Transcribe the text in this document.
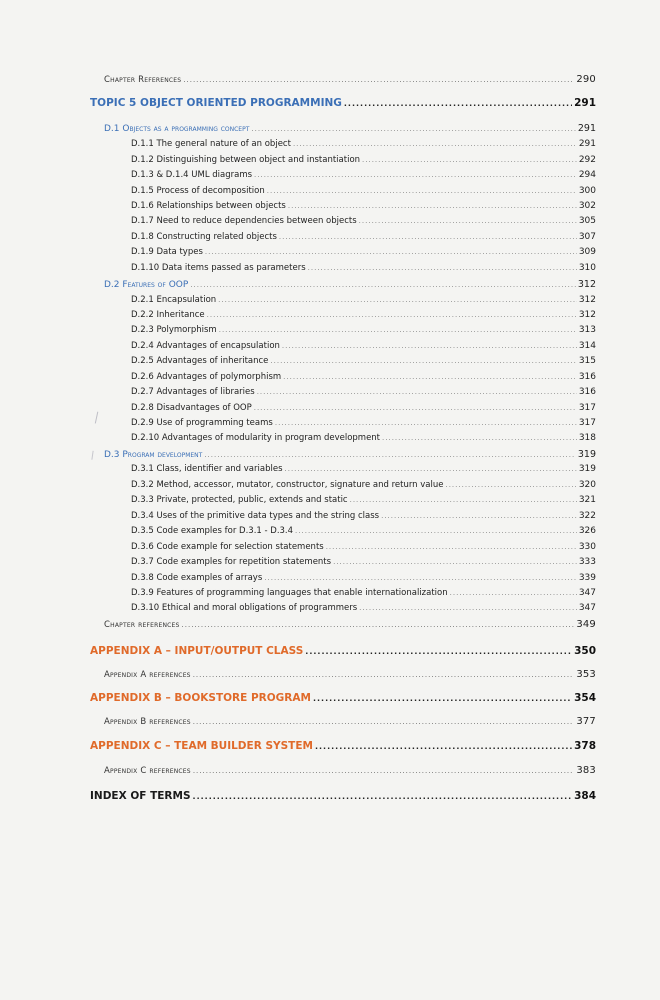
Chapter References .....	290
TOPIC 5 OBJECT ORIENTED PROGRAMMING .....	291
D.1 Objects as a programming concept .....	291
D.1.1 The general nature of an object .....	291
D.1.2 Distinguishing between object and instantiation .....	292
D.1.3 & D.1.4 UML diagrams .....	294
D.1.5 Process of decomposition .....	300
D.1.6 Relationships between objects .....	302
D.1.7 Need to reduce dependencies between objects .....	305
D.1.8 Constructing related objects .....	307
D.1.9 Data types .....	309
D.1.10 Data items passed as parameters .....	310
D.2 Features of OOP .....	312
D.2.1 Encapsulation .....	312
D.2.2 Inheritance .....	312
D.2.3 Polymorphism .....	313
D.2.4 Advantages of encapsulation .....	314
D.2.5 Advantages of inheritance .....	315
D.2.6 Advantages of polymorphism .....	316
D.2.7 Advantages of libraries .....	316
D.2.8 Disadvantages of OOP .....	317
D.2.9 Use of programming teams .....	317
D.2.10 Advantages of modularity in program development .....	318
D.3 Program development .....	319
D.3.1 Class, identifier and variables .....	319
D.3.2 Method, accessor, mutator, constructor, signature and return value .....	320
D.3.3 Private, protected, public, extends and static .....	321
D.3.4 Uses of the primitive data types and the string class .....	322
D.3.5 Code examples for D.3.1 - D.3.4 .....	326
D.3.6 Code example for selection statements .....	330
D.3.7 Code examples for repetition statements .....	333
D.3.8 Code examples of arrays .....	339
D.3.9 Features of programming languages that enable internationalization .....	347
D.3.10 Ethical and moral obligations of programmers .....	347
Chapter references .....	349
APPENDIX A – INPUT/OUTPUT CLASS .....	350
Appendix A references .....	353
APPENDIX B – BOOKSTORE PROGRAM .....	354
Appendix B references .....	377
APPENDIX C – TEAM BUILDER SYSTEM .....	378
Appendix C references .....	383
INDEX OF TERMS .....	384
